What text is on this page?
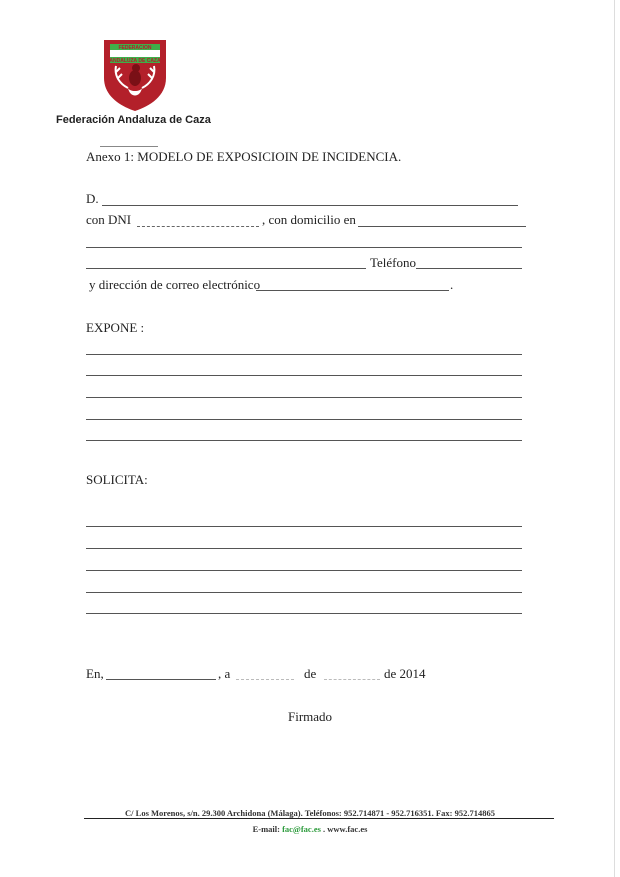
FEDERACION
ANDALUZA DE CAZA
Federación Andaluza de Caza
Anexo 1: MODELO DE EXPOSICIOIN DE INCIDENCIA.
D.
con DNI	, con domicilio en
Teléfono
y dirección de correo electrónico	.
EXPONE :
SOLICITA:
En,	, a	de	de 2014
Firmado
C/ Los Morenos, s/n. 29.300 Archidona (Málaga). Teléfonos: 952.714871 - 952.716351. Fax: 952.714865
E-mail: fac@fac.es . www.fac.es
